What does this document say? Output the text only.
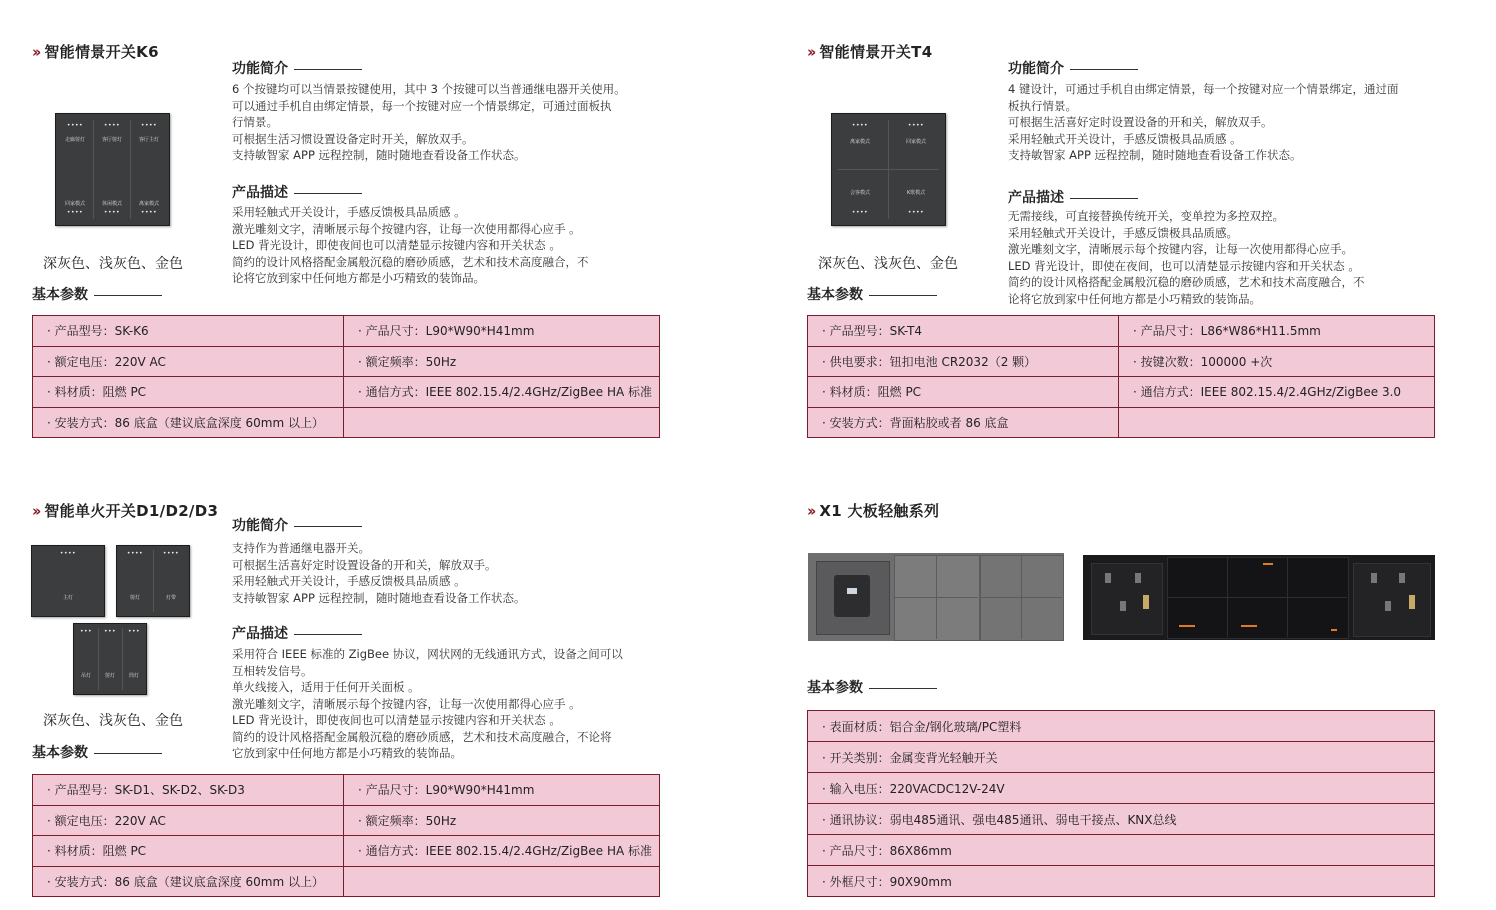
›› 智能情景开关K6
功能简介
6 个按键均可以当情景按键使用，其中 3 个按键可以当普通继电器开关使用。
可以通过手机自由绑定情景，每一个按键对应一个情景绑定，可通过面板执
行情景。
可根据生活习惯设置设备定时开关，解放双手。
支持敏智家 APP 远程控制，随时随地查看设备工作状态。
产品描述
采用轻触式开关设计，手感反馈极具品质感 。
激光雕刻文字，清晰展示每个按键内容，让每一次使用都得心应手 。
LED 背光设计，即使夜间也可以清楚显示按键内容和开关状态 。
简约的设计风格搭配金属般沉稳的磨砂质感，艺术和技术高度融合，不
论将它放到家中任何地方都是小巧精致的装饰品。
••••	••••	••••
走廊射灯	客厅射灯	客厅主灯
回家模式	休闲模式	离家模式
••••	••••	••••
深灰色、浅灰色、金色
基本参数
· 产品型号：SK-K6	· 产品尺寸：L90*W90*H41mm
· 额定电压：220V AC	· 额定频率：50Hz
· 料材质：阻燃 PC	· 通信方式：IEEE 802.15.4/2.4GHz/ZigBee HA 标准
· 安装方式：86 底盒（建议底盒深度 60mm 以上）	
›› 智能情景开关T4
功能简介
4 键设计，可通过手机自由绑定情景，每一个按键对应一个情景绑定，通过面
板执行情景。
可根据生活喜好定时设置设备的开和关，解放双手。
采用轻触式开关设计，手感反馈极具品质感 。
支持敏智家 APP 远程控制，随时随地查看设备工作状态。
产品描述
无需接线，可直接替换传统开关，变单控为多控双控。
采用轻触式开关设计，手感反馈极具品质感。
激光雕刻文字，清晰展示每个按键内容，让每一次使用都得心应手。
LED 背光设计，即使在夜间，也可以清楚显示按键内容和开关状态 。
简约的设计风格搭配金属般沉稳的磨砂质感，艺术和技术高度融合，不
论将它放到家中任何地方都是小巧精致的装饰品。
••••	••••
离家模式	回家模式
会客模式	K歌模式
••••	••••
深灰色、浅灰色、金色
基本参数
· 产品型号：SK-T4	· 产品尺寸：L86*W86*H11.5mm
· 供电要求：钮扣电池 CR2032（2 颗）	· 按键次数：100000 +次
· 料材质：阻燃 PC	· 通信方式：IEEE 802.15.4/2.4GHz/ZigBee 3.0
· 安装方式：背面粘胶或者 86 底盒	
›› 智能单火开关D1/D2/D3
功能简介
支持作为普通继电器开关。
可根据生活喜好定时设置设备的开和关，解放双手。
采用轻触式开关设计，手感反馈极具品质感 。
支持敏智家 APP 远程控制，随时随地查看设备工作状态。
产品描述
采用符合 IEEE 标准的 ZigBee 协议，网状网的无线通讯方式，设备之间可以
互相转发信号。
单火线接入，适用于任何开关面板 。
激光雕刻文字，清晰展示每个按键内容，让每一次使用都得心应手 。
LED 背光设计，即使夜间也可以清楚显示按键内容和开关状态 。
简约的设计风格搭配金属般沉稳的磨砂质感，艺术和技术高度融合，不论将
它放到家中任何地方都是小巧精致的装饰品。
••••
主灯
••••	••••
射灯	灯带
•••	•••	•••
吊灯	射灯	筒灯
深灰色、浅灰色、金色
基本参数
· 产品型号：SK-D1、SK-D2、SK-D3	· 产品尺寸：L90*W90*H41mm
· 额定电压：220V AC	· 额定频率：50Hz
· 料材质：阻燃 PC	· 通信方式：IEEE 802.15.4/2.4GHz/ZigBee HA 标准
· 安装方式：86 底盒（建议底盒深度 60mm 以上）	
›› X1 大板轻触系列
基本参数
· 表面材质：铝合金/钢化玻璃/PC塑料
· 开关类别：金属变背光轻触开关
· 输入电压：220VACDC12V-24V
· 通讯协议：弱电485通讯、强电485通讯、弱电干接点、KNX总线
· 产品尺寸：86X86mm
· 外框尺寸：90X90mm
